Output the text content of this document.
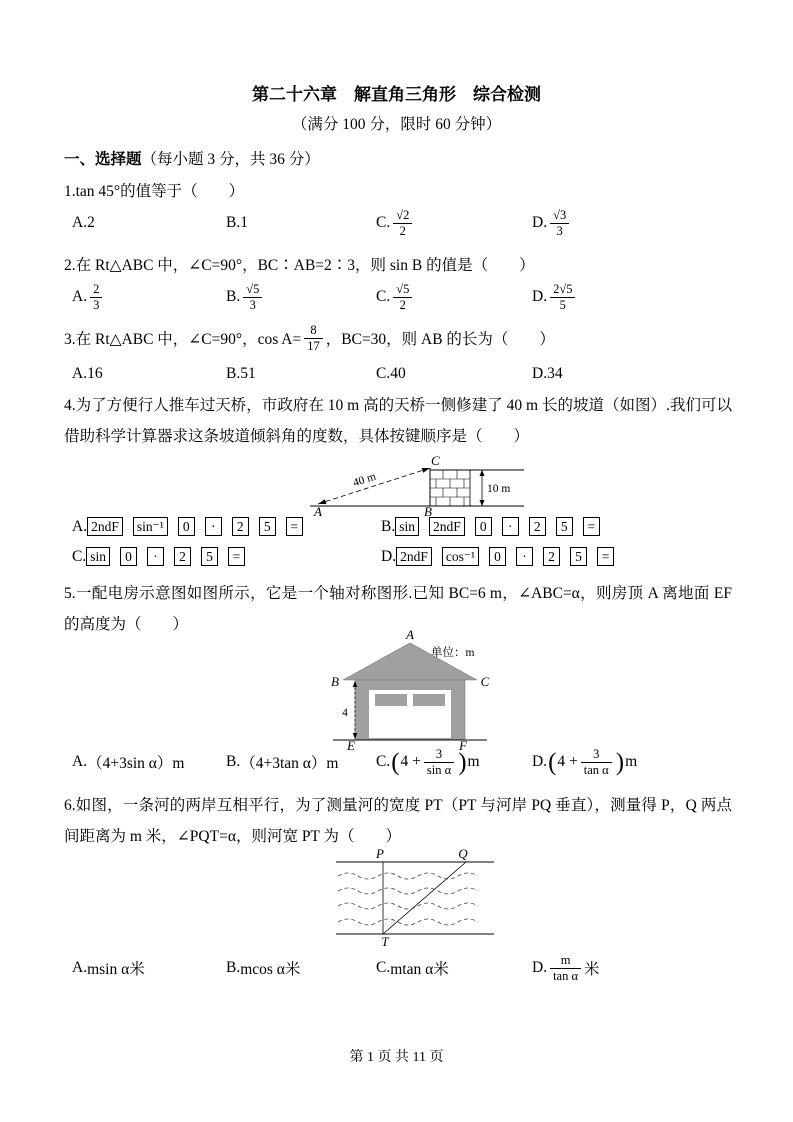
第二十六章　解直角三角形　综合检测
（满分 100 分，限时 60 分钟）
一、选择题（每小题 3 分，共 36 分）
1.tan 45°的值等于（　　）
A. 2	B. 1	C. $\frac{√2}{2}$	D. $\frac{√3}{3}$
2.在 Rt△ABC 中，∠C=90°，BC∶AB=2∶3，则 sin B 的值是（　　）
A. $\frac{2}{3}$	B. $\frac{√5}{3}$	C. $\frac{√5}{2}$	D. $\frac{2√5}{5}$
3.在 Rt△ABC 中，∠C=90°，$\cos A= \frac{8}{17}$ ，BC=30，则 AB 的长为（　　）
A. 16	B. 51	C. 40	D. 34
4.为了方便行人推车过天桥，市政府在 10 m 高的天桥一侧修建了 40 m 长的坡道（如图）.我们可以借助科学计算器求这条坡道倾斜角的度数，具体按键顺序是（　　）
40 m	10 m
A	B
C
A. 2ndF sin⁻¹	0	·	2	5	=	B. sin 2ndF	0	·	2	5	=
C. sin	0	·	2	5	=	D. 2ndF cos⁻¹	0	·	2	5	=
5.一配电房示意图如图所示，它是一个轴对称图形.已知 BC=6 m，∠ABC=α，则房顶 A 离地面 EF 的高度为（　　）
A
B	C
E	F
4
单位：m
A. （4+3sin α）m	B. （4+3tan α）m C. ( $4 + \frac{3}{\text{sin α}}$ ) m	D. ( $4 + \frac{3}{\text{tan α}}$ ) m
6.如图，一条河的两岸互相平行，为了测量河的宽度 PT（PT 与河岸 PQ 垂直），测量得 P，Q 两点间距离为 m 米，∠PQT=α，则河宽 PT 为（　　）
P	Q
T
A. msin α米	B. mcos α米	C. mtan α米	D. $\frac{m}{\text{tan α}}$ 米
第 1 页 共 11 页
